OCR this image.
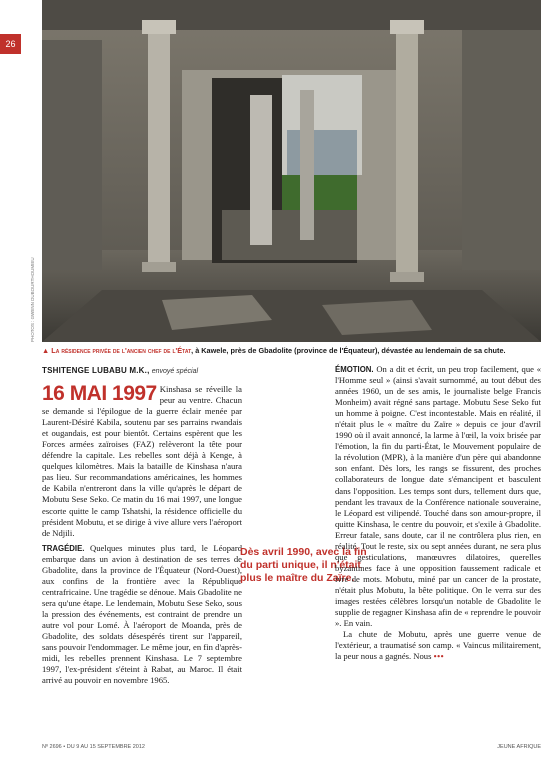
26
PHOTOS : GWENN DUBOURTHOUMIEU
▲ La résidence privée de l'ancien chef de l'État, à Kawele, près de Gbadolite (province de l'Équateur), dévastée au lendemain de sa chute.
TSHITENGE LUBABU M.K., envoyé spécial

16 MAI 1997 Kinshasa se réveille la peur au ventre. Chacun se demande si l'épilogue de la guerre éclair menée par Laurent-Désiré Kabila, soutenu par ses parrains rwandais et ougandais, est pour bientôt. Certains espèrent que les Forces armées zaïroises (FAZ) relèveront la tête pour défendre la capitale. Les rebelles sont déjà à Kenge, à quelques kilomètres. Mais la bataille de Kinshasa n'aura pas lieu. Sur recommandations américaines, les hommes de Kabila n'entreront dans la ville qu'après le départ de Mobutu Sese Seko. Ce matin du 16 mai 1997, une longue escorte quitte le camp Tshatshi, la résidence officielle du président Mobutu, et se dirige à vive allure vers l'aéroport de Ndjili.

TRAGÉDIE. Quelques minutes plus tard, le Léopard embarque dans un avion à destination de ses terres de Gbadolite, dans la province de l'Équateur (Nord-Ouest), aux confins de la frontière avec la République centrafricaine. Une tragédie se dénoue. Mais Gbadolite ne sera qu'une étape. Le lendemain, Mobutu Sese Seko, sous la pression des événements, est contraint de prendre un autre vol pour Lomé. À l'aéroport de Moanda, près de Gbadolite, des soldats désespérés tirent sur l'appareil, sans pouvoir l'endommager. Le même jour, en fin d'après-midi, les rebelles prennent Kinshasa. Le 7 septembre 1997, l'ex-président s'éteint à Rabat, au Maroc. Il était arrivé au pouvoir en novembre 1965.

Dès avril 1990, avec la fin du parti unique, il n'était plus le maître du Zaïre.

ÉMOTION. On a dit et écrit, un peu trop facilement, que « l'Homme seul » (ainsi s'avait surnommé, au tout début des années 1960, un de ses amis, le journaliste belge Francis Monheim) avait régné sans partage. Mobutu Sese Seko fut un homme à poigne. C'est incontestable. Mais en réalité, il n'était plus le « maître du Zaïre » depuis ce jour d'avril 1990 où il avait annoncé, la larme à l'œil, la voix brisée par l'émotion, la fin du parti-État, le Mouvement populaire de la révolution (MPR), à la manière d'un père qui abandonne son enfant. Dès lors, les rangs se fissurent, des proches collaborateurs de longue date s'émancipent et basculent dans l'opposition. Les temps sont durs, tellement durs que, pendant les travaux de la Conférence nationale souveraine, le Léopard est vilipendé. Touché dans son amour-propre, il quitte Kinshasa, le centre du pouvoir, et s'exile à Gbadolite. Erreur fatale, sans doute, car il ne contrôlera plus rien, en réalité. Tout le reste, six ou sept années durant, ne sera plus que gesticulations, manœuvres dilatoires, querelles byzantines face à une opposition faussement radicale et ivre de mots. Mobutu, miné par un cancer de la prostate, n'était plus Mobutu, la bête politique. On le verra sur des images restées célèbres lorsqu'un notable de Gbadolite le supplie de regagner Kinshasa afin de « reprendre le pouvoir ». En vain.

La chute de Mobutu, après une guerre venue de l'extérieur, a traumatisé son camp. « Vaincus militairement, la peur nous a gagnés. Nous •••

Nº 2696 • DU 9 AU 15 SEPTEMBRE 2012	JEUNE AFRIQUE
